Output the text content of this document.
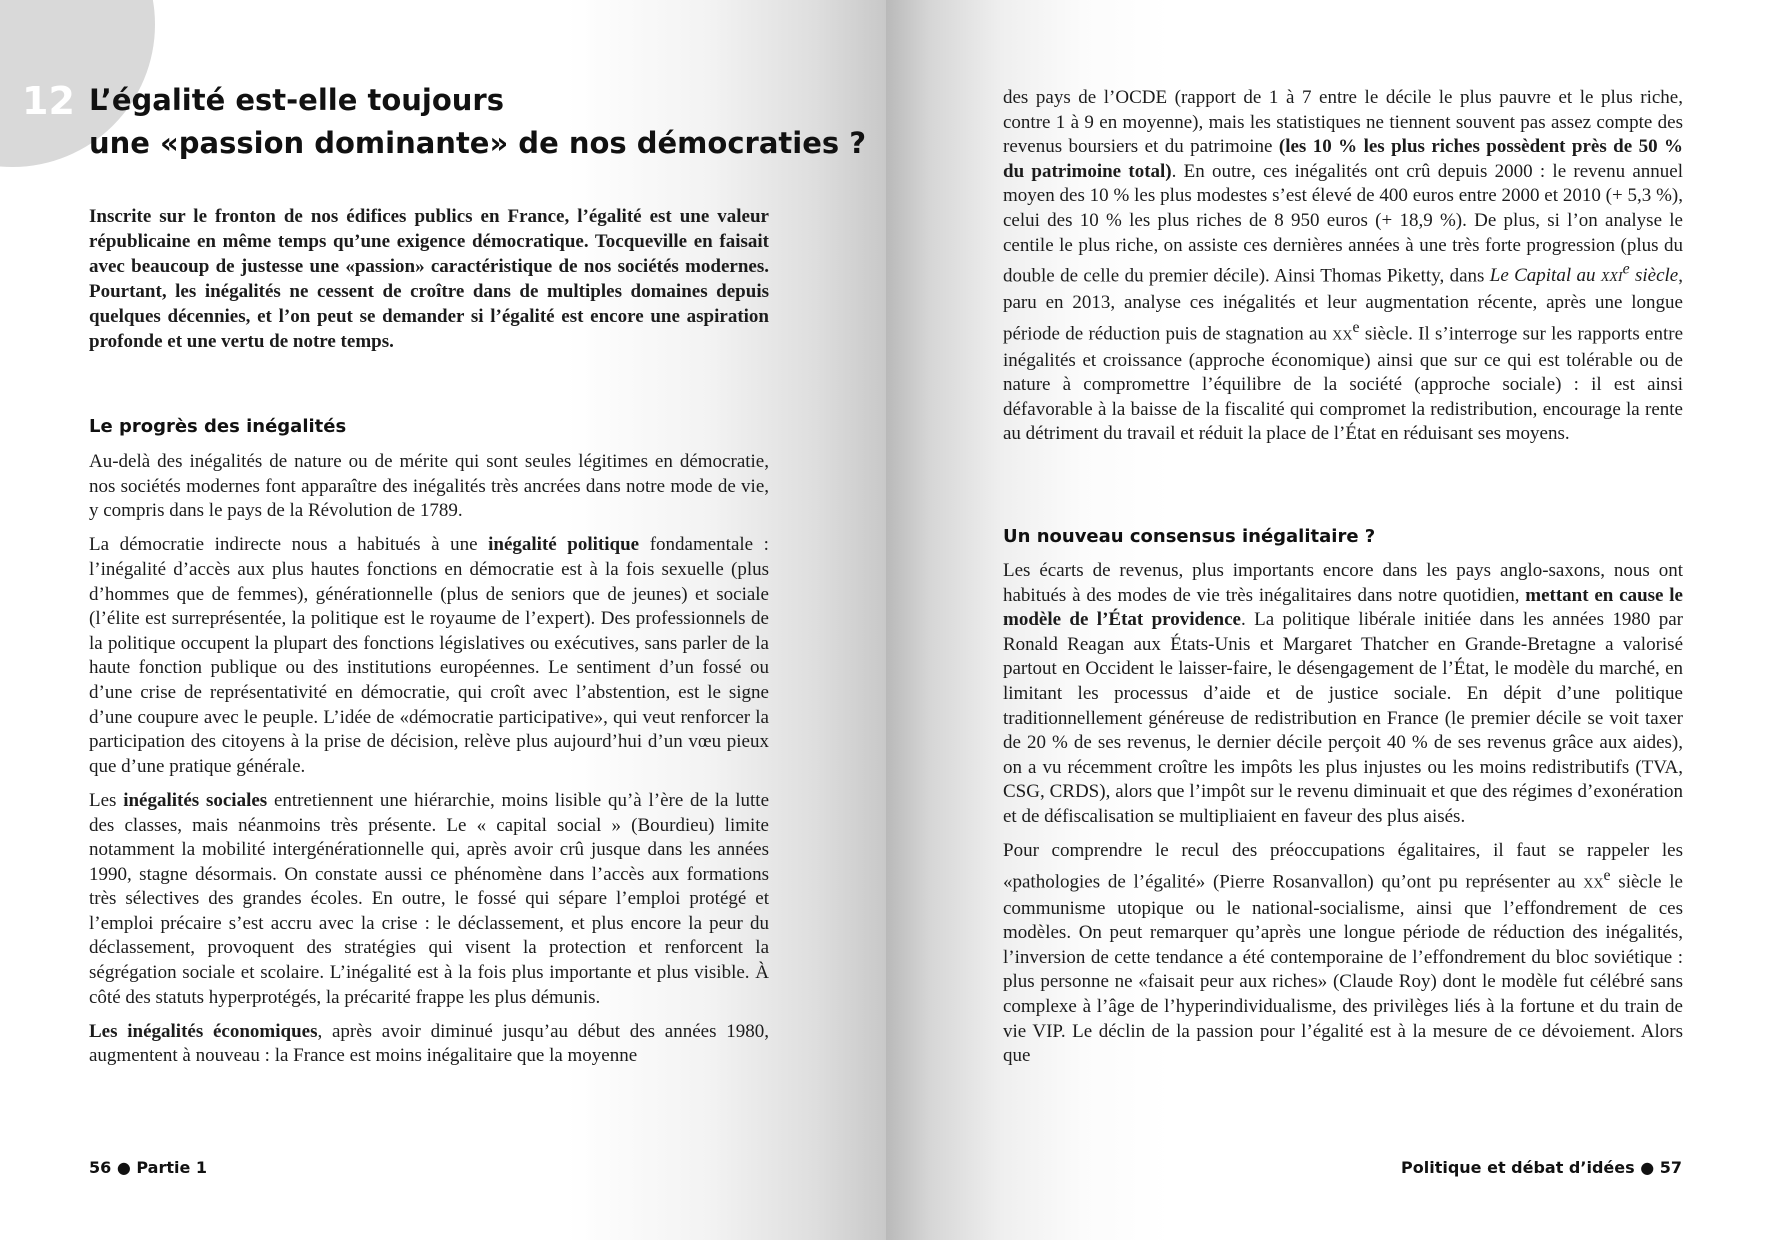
12 L’égalité est-elle toujours
une «passion dominante» de nos démocraties ?

Inscrite sur le fronton de nos édifices publics en France, l’égalité est une valeur républicaine en même temps qu’une exigence démocratique. Tocqueville en faisait avec beaucoup de justesse une «passion» caractéristique de nos sociétés modernes. Pourtant, les inégalités ne cessent de croître dans de multiples domaines depuis quelques décennies, et l’on peut se demander si l’égalité est encore une aspiration profonde et une vertu de notre temps.

Le progrès des inégalités

Au-delà des inégalités de nature ou de mérite qui sont seules légitimes en démocratie, nos sociétés modernes font apparaître des inégalités très ancrées dans notre mode de vie, y compris dans le pays de la Révolution de 1789.

La démocratie indirecte nous a habitués à une inégalité politique fondamentale : l’inégalité d’accès aux plus hautes fonctions en démocratie est à la fois sexuelle (plus d’hommes que de femmes), générationnelle (plus de seniors que de jeunes) et sociale (l’élite est surreprésentée, la politique est le royaume de l’expert). Des professionnels de la politique occupent la plupart des fonctions législatives ou exécutives, sans parler de la haute fonction publique ou des institutions européennes. Le sentiment d’un fossé ou d’une crise de représentativité en démocratie, qui croît avec l’abstention, est le signe d’une coupure avec le peuple. L’idée de «démocratie participative», qui veut renforcer la participation des citoyens à la prise de décision, relève plus aujourd’hui d’un vœu pieux que d’une pratique générale.

Les inégalités sociales entretiennent une hiérarchie, moins lisible qu’à l’ère de la lutte des classes, mais néanmoins très présente. Le « capital social » (Bourdieu) limite notamment la mobilité intergénérationnelle qui, après avoir crû jusque dans les années 1990, stagne désormais. On constate aussi ce phénomène dans l’accès aux formations très sélectives des grandes écoles. En outre, le fossé qui sépare l’emploi protégé et l’emploi précaire s’est accru avec la crise : le déclassement, et plus encore la peur du déclassement, provoquent des stratégies qui visent la protection et renforcent la ségrégation sociale et scolaire. L’inégalité est à la fois plus importante et plus visible. À côté des statuts hyperprotégés, la précarité frappe les plus démunis.

Les inégalités économiques, après avoir diminué jusqu’au début des années 1980, augmentent à nouveau : la France est moins inégalitaire que la moyenne

56 ● Partie 1

des pays de l’OCDE (rapport de 1 à 7 entre le décile le plus pauvre et le plus riche, contre 1 à 9 en moyenne), mais les statistiques ne tiennent souvent pas assez compte des revenus boursiers et du patrimoine (les 10 % les plus riches possèdent près de 50 % du patrimoine total). En outre, ces inégalités ont crû depuis 2000 : le revenu annuel moyen des 10 % les plus modestes s’est élevé de 400 euros entre 2000 et 2010 (+ 5,3 %), celui des 10 % les plus riches de 8 950 euros (+ 18,9 %). De plus, si l’on analyse le centile le plus riche, on assiste ces dernières années à une très forte progression (plus du double de celle du premier décile). Ainsi Thomas Piketty, dans Le Capital au XXIe siècle, paru en 2013, analyse ces inégalités et leur augmentation récente, après une longue période de réduction puis de stagnation au XXe siècle. Il s’interroge sur les rapports entre inégalités et croissance (approche économique) ainsi que sur ce qui est tolérable ou de nature à compromettre l’équilibre de la société (approche sociale) : il est ainsi défavorable à la baisse de la fiscalité qui compromet la redistribution, encourage la rente au détriment du travail et réduit la place de l’État en réduisant ses moyens.

Un nouveau consensus inégalitaire ?

Les écarts de revenus, plus importants encore dans les pays anglo-saxons, nous ont habitués à des modes de vie très inégalitaires dans notre quotidien, mettant en cause le modèle de l’État providence. La politique libérale initiée dans les années 1980 par Ronald Reagan aux États-Unis et Margaret Thatcher en Grande-Bretagne a valorisé partout en Occident le laisser-faire, le désengagement de l’État, le modèle du marché, en limitant les processus d’aide et de justice sociale. En dépit d’une politique traditionnellement généreuse de redistribution en France (le premier décile se voit taxer de 20 % de ses revenus, le dernier décile perçoit 40 % de ses revenus grâce aux aides), on a vu récemment croître les impôts les plus injustes ou les moins redistributifs (TVA, CSG, CRDS), alors que l’impôt sur le revenu diminuait et que des régimes d’exonération et de défiscalisation se multipliaient en faveur des plus aisés.

Pour comprendre le recul des préoccupations égalitaires, il faut se rappeler les «pathologies de l’égalité» (Pierre Rosanvallon) qu’ont pu représenter au XXe siècle le communisme utopique ou le national-socialisme, ainsi que l’effondrement de ces modèles. On peut remarquer qu’après une longue période de réduction des inégalités, l’inversion de cette tendance a été contemporaine de l’effondrement du bloc soviétique : plus personne ne «faisait peur aux riches» (Claude Roy) dont le modèle fut célébré sans complexe à l’âge de l’hyperindividualisme, des privilèges liés à la fortune et du train de vie VIP. Le déclin de la passion pour l’égalité est à la mesure de ce dévoiement. Alors que

Politique et débat d’idées ● 57
